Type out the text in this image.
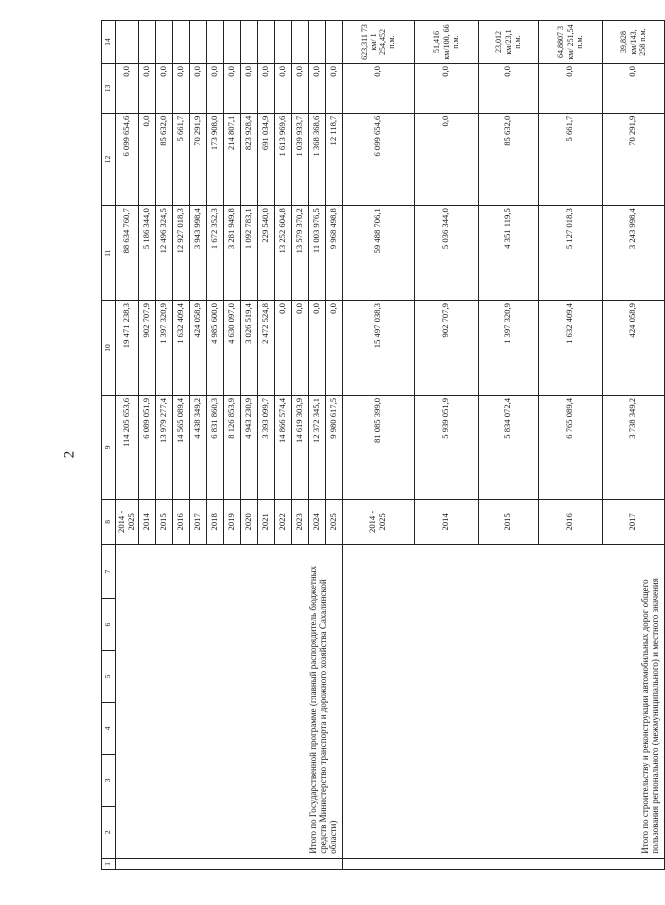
2
1	2	3	4	5	6	7	8	9	10	11	12	13	14
	Итого по Государственной программе (главный распорядитель бюджетных средств Министерство транспорта и дорожного хозяйства Сахалинской области)						2014 - 2025	114 205 653,6	19 471 238,3	88 634 760,7	6 099 654,6	0,0	
							2014	6 089 051,9	902 707,9	5 186 344,0	0,0	0,0	
							2015	13 979 277,4	1 397 320,9	12 496 324,5	85 632,0	0,0	
							2016	14 565 089,4	1 632 409,4	12 927 018,3	5 661,7	0,0	
							2017	4 438 349,2	424 058,9	3 943 998,4	70 291,9	0,0	
							2018	6 831 860,3	4 985 600,0	1 672 352,3	173 908,0	0,0	
							2019	8 126 853,9	4 630 097,0	3 281 949,8	214 807,1	0,0	
							2020	4 943 230,9	3 026 519,4	1 092 783,1	823 928,4	0,0	
							2021	3 393 099,7	2 472 524,8	229 540,0	691 034,9	0,0	
							2022	14 866 574,4	0,0	13 252 604,8	1 613 969,6	0,0	
							2023	14 619 303,9	0,0	13 579 370,2	1 039 933,7	0,0	
							2024	12 372 345,1	0,0	11 003 976,5	1 368 368,6	0,0	
							2025	9 980 617,5	0,0	9 968 498,8	12 118,7	0,0	
	Итого по строительству и реконструкции автомобильных дорог общего пользования регионального (межмуниципального) и местного значения						2014 - 2025	81 085 399,0	15 497 038,3	59 488 706,1	6 099 654,6	0,0	623,311 73 км/ 1 254,452 п.м.
							2014	5 939 051,9	902 707,9	5 036 344,0	0,0	0,0	51,416 км/100, 66 п.м.
							2015	5 834 072,4	1 397 320,9	4 351 119,5	85 632,0	0,0	23,012 км/23,1 п.м.
							2016	6 765 089,4	1 632 409,4	5 127 018,3	5 661,7	0,0	64,8807 3 км/ 251,54 п.м.
							2017	3 738 349,2	424 058,9	3 243 998,4	70 291,9	0,0	39,828 км/143, 258 п.м.
